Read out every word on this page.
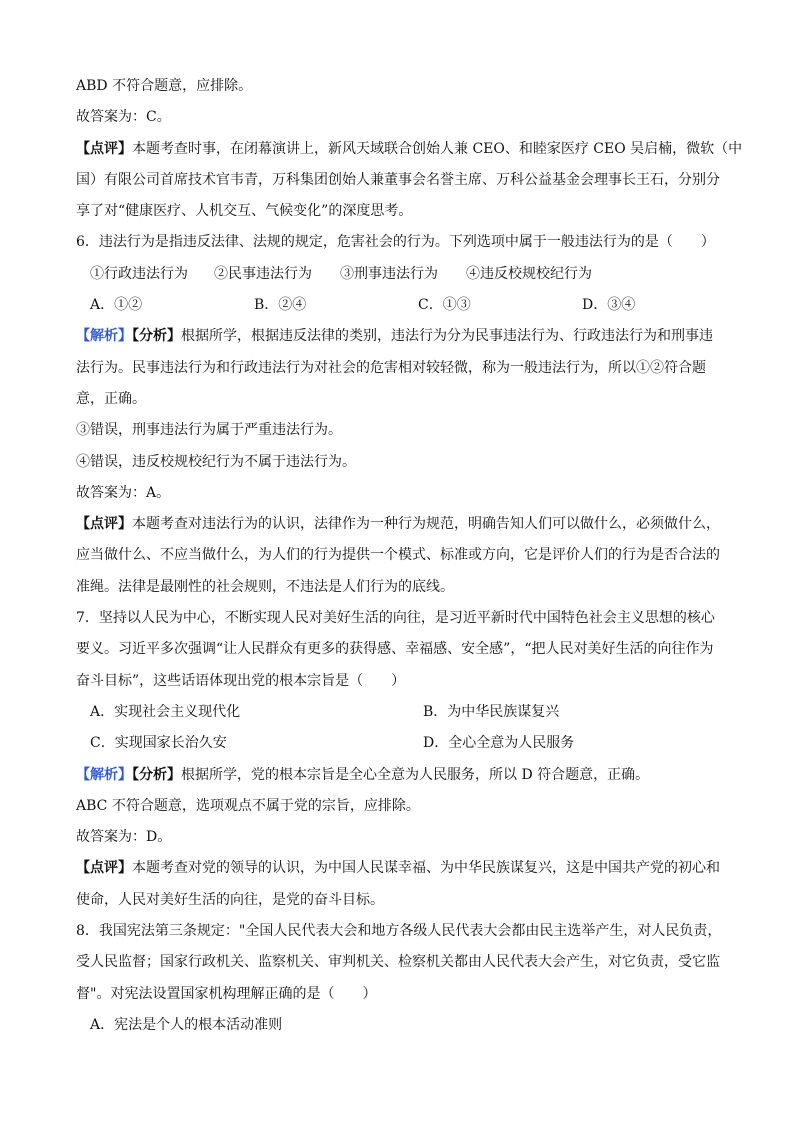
ABD 不符合题意，应排除。
故答案为：C。
【点评】本题考查时事，在闭幕演讲上，新风天域联合创始人兼 CEO、和睦家医疗 CEO 吴启楠，微软（中
国）有限公司首席技术官韦青，万科集团创始人兼董事会名誉主席、万科公益基金会理事长王石，分别分
享了对“健康医疗、人机交互、气候变化”的深度思考。
6．违法行为是指违反法律、法规的规定，危害社会的行为。下列选项中属于一般违法行为的是（　　）
①行政违法行为	②民事违法行为	③刑事违法行为	④违反校规校纪行为
A．①②	B．②④	C．①③	D．③④
【解析】【分析】根据所学，根据违反法律的类别，违法行为分为民事违法行为、行政违法行为和刑事违
法行为。民事违法行为和行政违法行为对社会的危害相对较轻微，称为一般违法行为，所以①②符合题
意，正确。
③错误，刑事违法行为属于严重违法行为。
④错误，违反校规校纪行为不属于违法行为。
故答案为：A。
【点评】本题考查对违法行为的认识，法律作为一种行为规范，明确告知人们可以做什么，必须做什么，
应当做什么、不应当做什么，为人们的行为提供一个模式、标准或方向，它是评价人们的行为是否合法的
准绳。法律是最刚性的社会规则，不违法是人们行为的底线。
7．坚持以人民为中心，不断实现人民对美好生活的向往，是习近平新时代中国特色社会主义思想的核心
要义。习近平多次强调“让人民群众有更多的获得感、幸福感、安全感”，“把人民对美好生活的向往作为
奋斗目标”，这些话语体现出党的根本宗旨是（　　）
A．实现社会主义现代化	B．为中华民族谋复兴
C．实现国家长治久安	D．全心全意为人民服务
【解析】【分析】根据所学，党的根本宗旨是全心全意为人民服务，所以 D 符合题意，正确。
ABC 不符合题意，选项观点不属于党的宗旨，应排除。
故答案为：D。
【点评】本题考查对党的领导的认识，为中国人民谋幸福、为中华民族谋复兴，这是中国共产党的初心和
使命，人民对美好生活的向往，是党的奋斗目标。
8．我国宪法第三条规定："全国人民代表大会和地方各级人民代表大会都由民主选举产生，对人民负责，
受人民监督；国家行政机关、监察机关、审判机关、检察机关都由人民代表大会产生，对它负责，受它监
督"。对宪法设置国家机构理解正确的是（　　）
A．宪法是个人的根本活动准则
